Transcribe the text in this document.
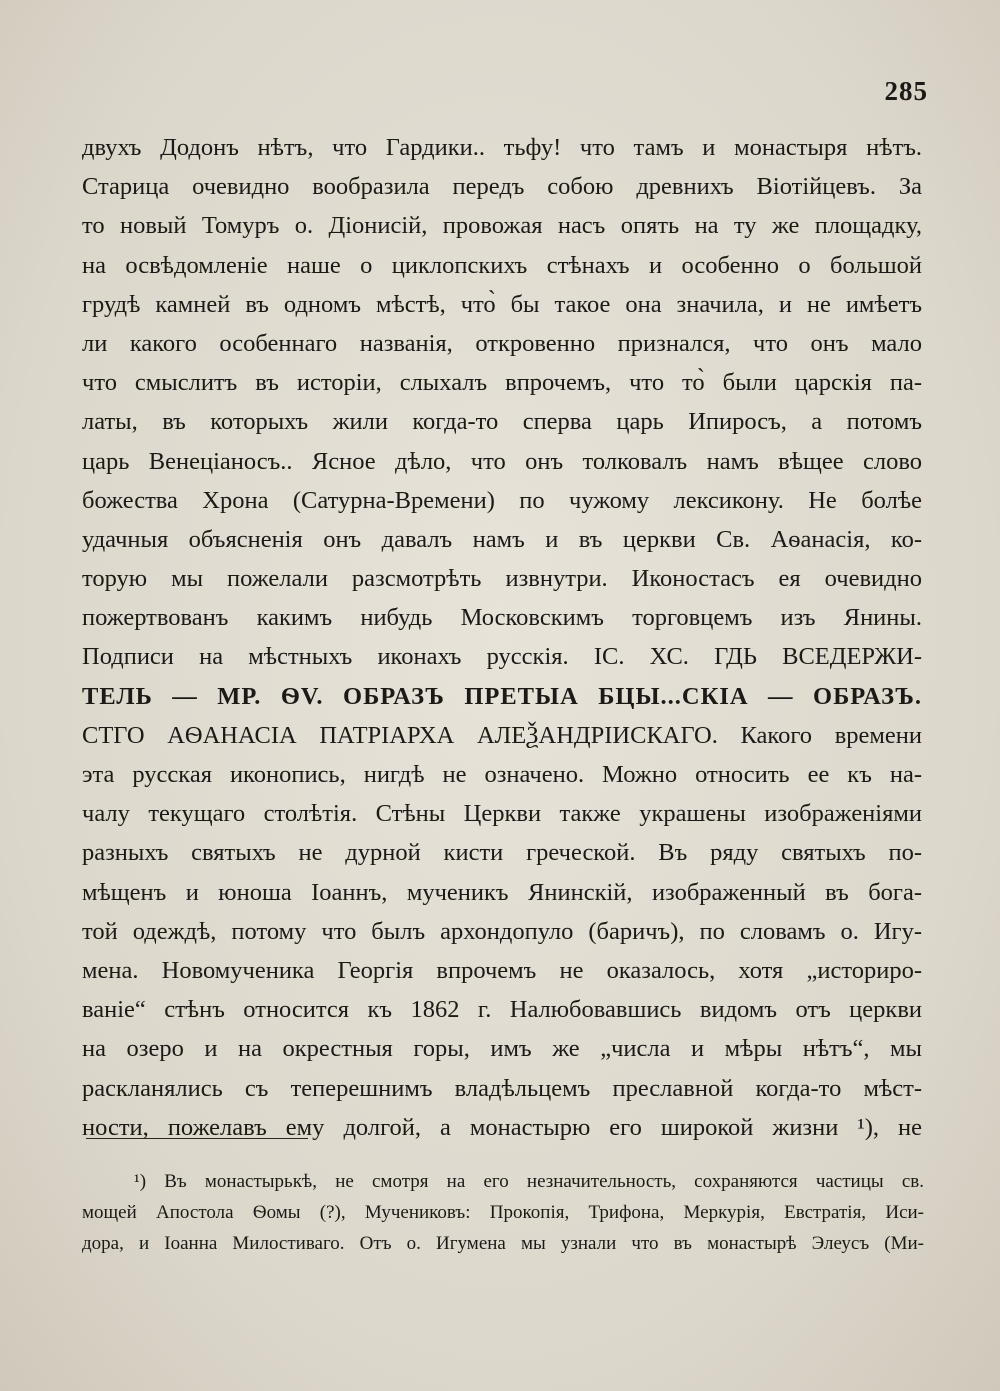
285
двухъ Додонъ нѣтъ, что Гардики.. тьфу! что тамъ и монастыря нѣтъ.
Старица очевидно вообразила передъ собою древнихъ Віотійцевъ. За
то новый Томуръ о. Діонисій, провожая насъ опять на ту же площадку,
на освѣдомленіе наше о циклопскихъ стѣнахъ и особенно о большой
грудѣ камней въ одномъ мѣстѣ, что̀ бы такое она значила, и не имѣетъ
ли какого особеннаго названія, откровенно признался, что онъ мало
что смыслитъ въ исторіи, слыхалъ впрочемъ, что то̀ были царскія па-
латы, въ которыхъ жили когда-то сперва царь Ипиросъ, а потомъ
царь Венеціаносъ.. Ясное дѣло, что онъ толковалъ намъ вѣщее слово
божества Хрона (Сатурна-Времени) по чужому лексикону. Не болѣе
удачныя объясненія онъ давалъ намъ и въ церкви Св. Аѳанасія, ко-
торую мы пожелали разсмотрѣть извнутри. Иконостасъ ея очевидно
пожертвованъ какимъ нибудь Московскимъ торговцемъ изъ Янины.
Подписи на мѣстныхъ иконахъ русскія. ІС. ХС. ГДЬ ВСЕДЕРЖИ-
ТЕЛЬ — МР. ѲV. ОБРАЗЪ ПРЕТЫА БЦЫ...СКІА — ОБРАЗЪ.
СТГО АѲАНАСІА ПАТРІАРХА АЛЕѮАНДРІИСКАГО. Какого времени
эта русская иконопись, нигдѣ не означено. Можно относить ее къ на-
чалу текущаго столѣтія. Стѣны Церкви также украшены изображеніями
разныхъ святыхъ не дурной кисти греческой. Въ ряду святыхъ по-
мѣщенъ и юноша Іоаннъ, мученикъ Янинскій, изображенный въ бога-
той одеждѣ, потому что былъ архондопуло (баричъ), по словамъ о. Игу-
мена. Новомученика Георгія впрочемъ не оказалось, хотя „историро-
ваніе“ стѣнъ относится къ 1862 г. Налюбовавшись видомъ отъ церкви
на озеро и на окрестныя горы, имъ же „числа и мѣры нѣтъ“, мы
раскланялись съ теперешнимъ владѣльцемъ преславной когда-то мѣст-
ности, пожелавъ ему долгой, а монастырю его широкой жизни ¹), не
¹) Въ монастырькѣ, не смотря на его незначительность, сохраняются частицы св.
мощей Апостола Ѳомы (?), Мучениковъ: Прокопія, Трифона, Меркурія, Евстратія, Иси-
дора, и Іоанна Милостиваго. Отъ о. Игумена мы узнали что въ монастырѣ Элеусъ (Ми-
